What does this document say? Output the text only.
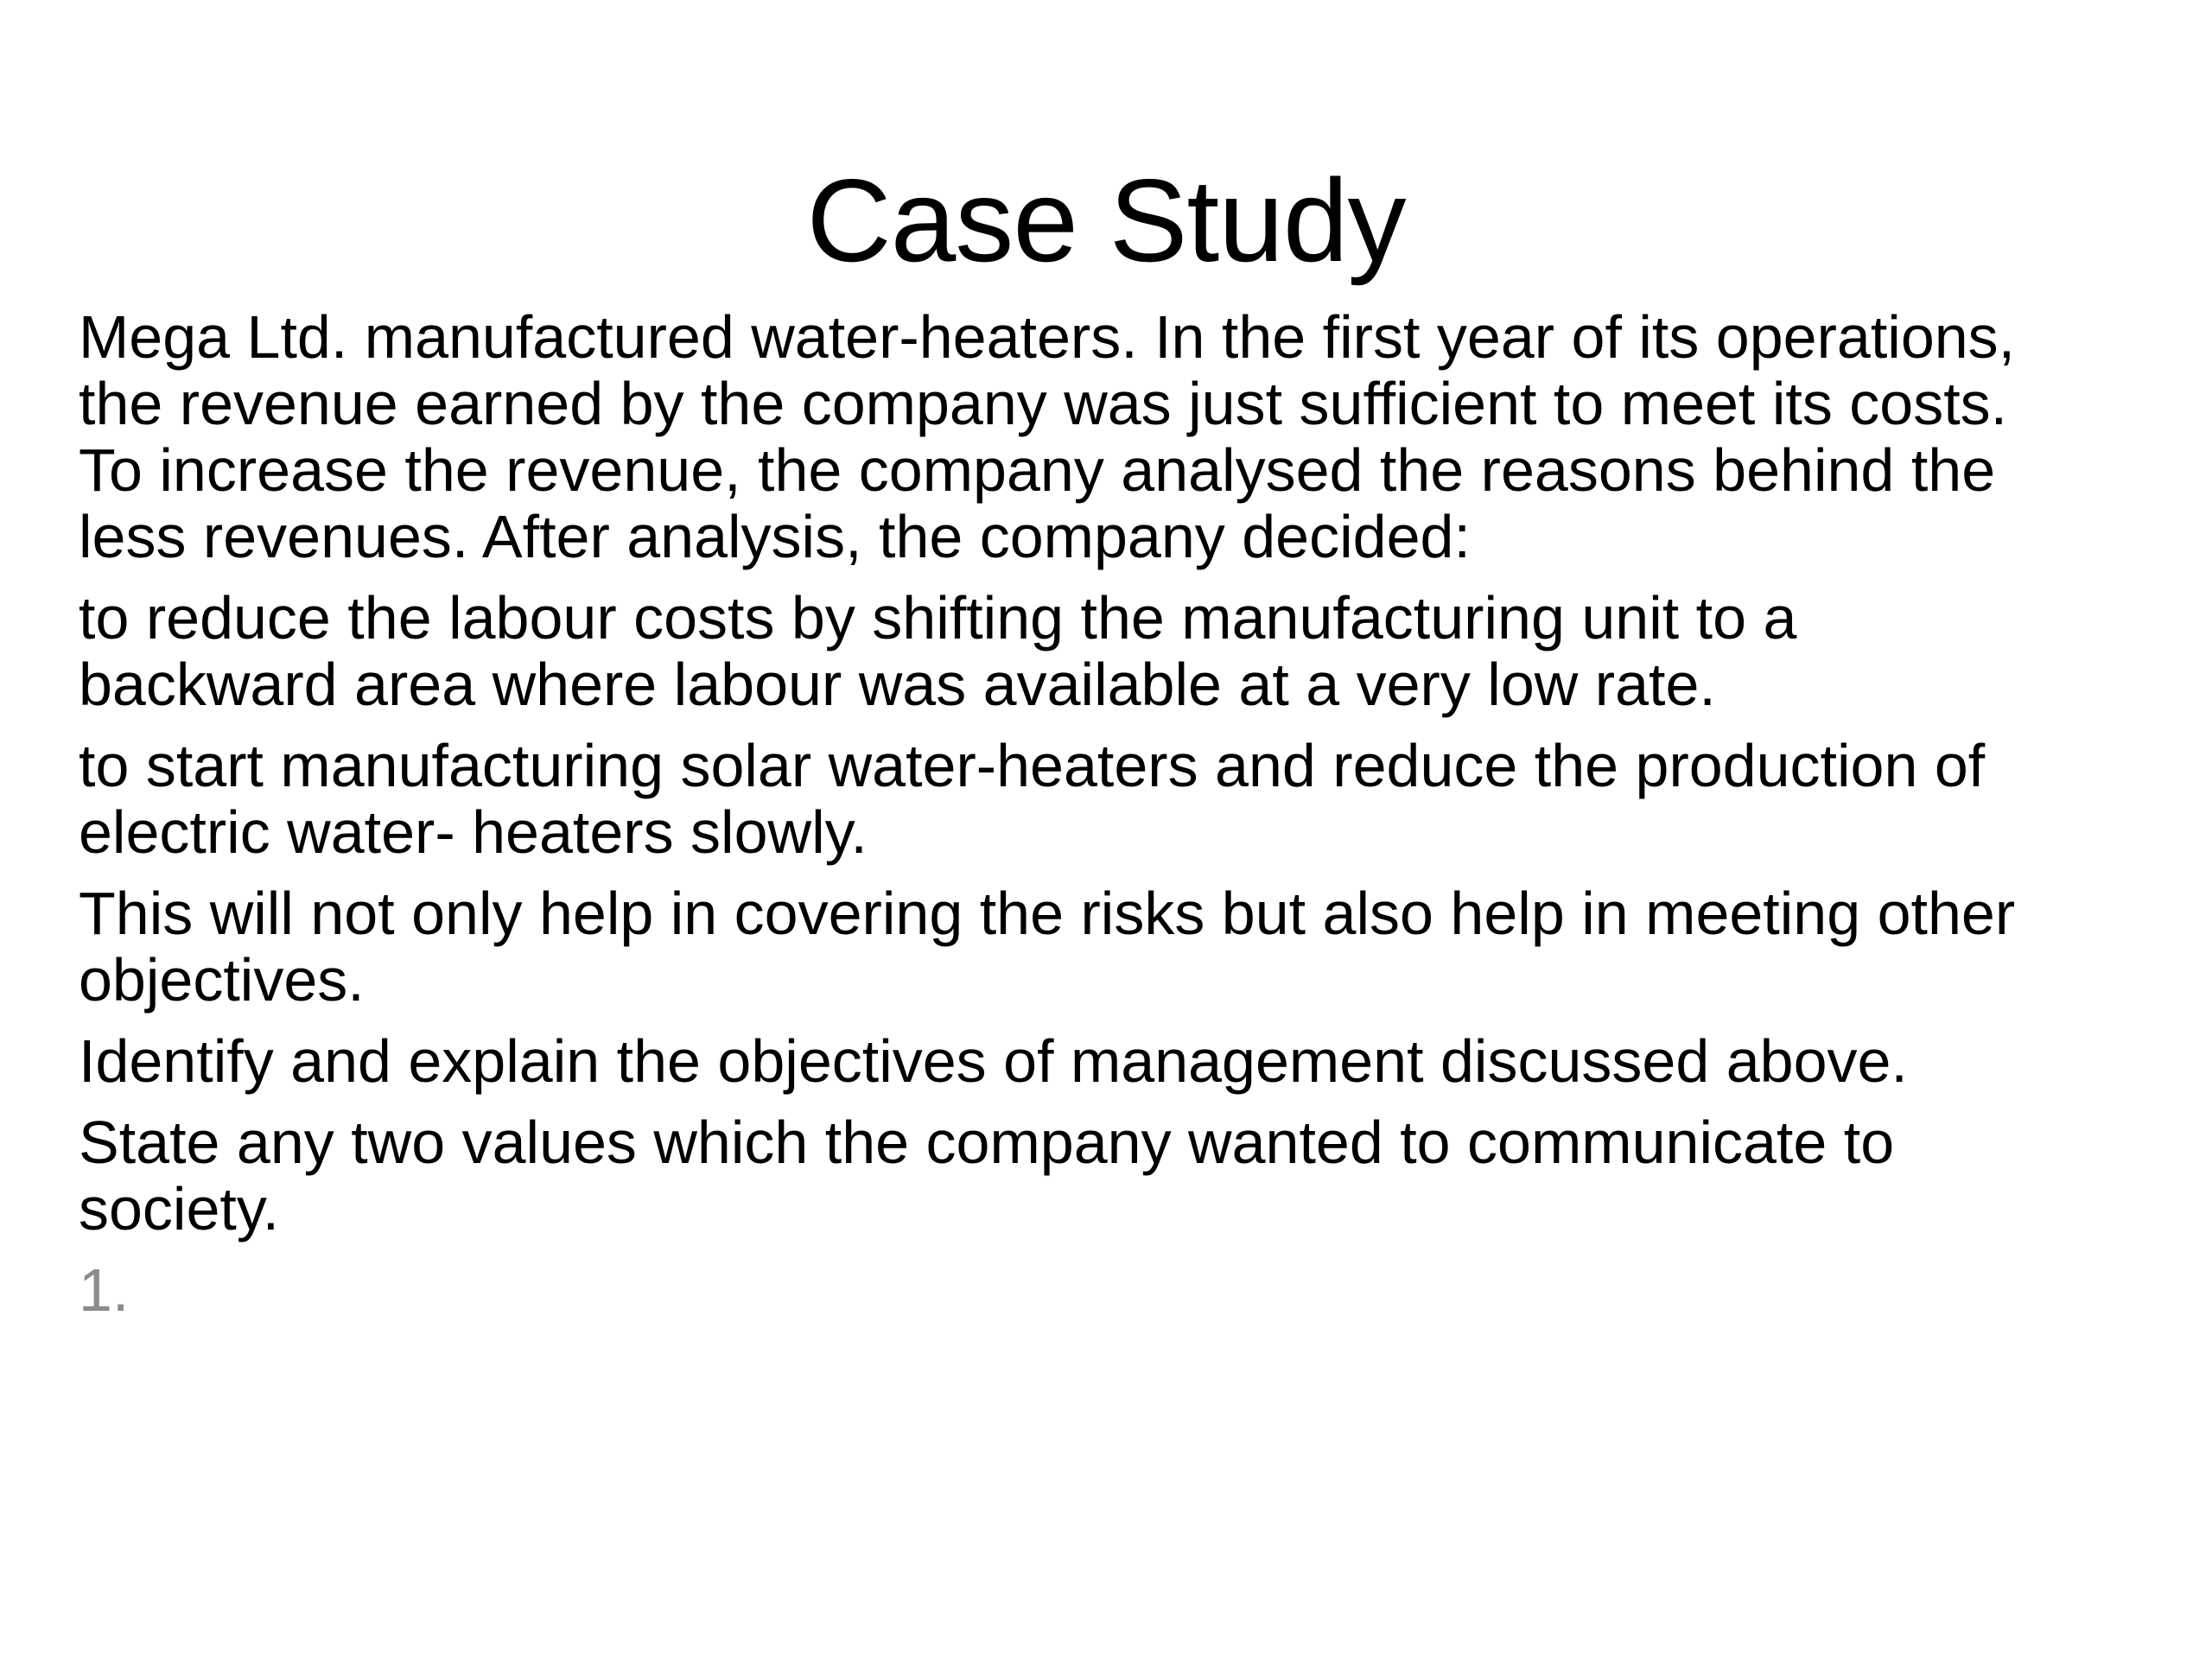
Case Study

Mega Ltd. manufactured water-heaters. In the first year of its operations,
the revenue earned by the company was just sufficient to meet its costs.
To increase the revenue, the company analysed the reasons behind the
less revenues. After analysis, the company decided:

to reduce the labour costs by shifting the manufacturing unit to a
backward area where labour was available at a very low rate.

to start manufacturing solar water-heaters and reduce the production of
electric water- heaters slowly.

This will not only help in covering the risks but also help in meeting other
objectives.

Identify and explain the objectives of management discussed above.

State any two values which the company wanted to communicate to
society.

1.
